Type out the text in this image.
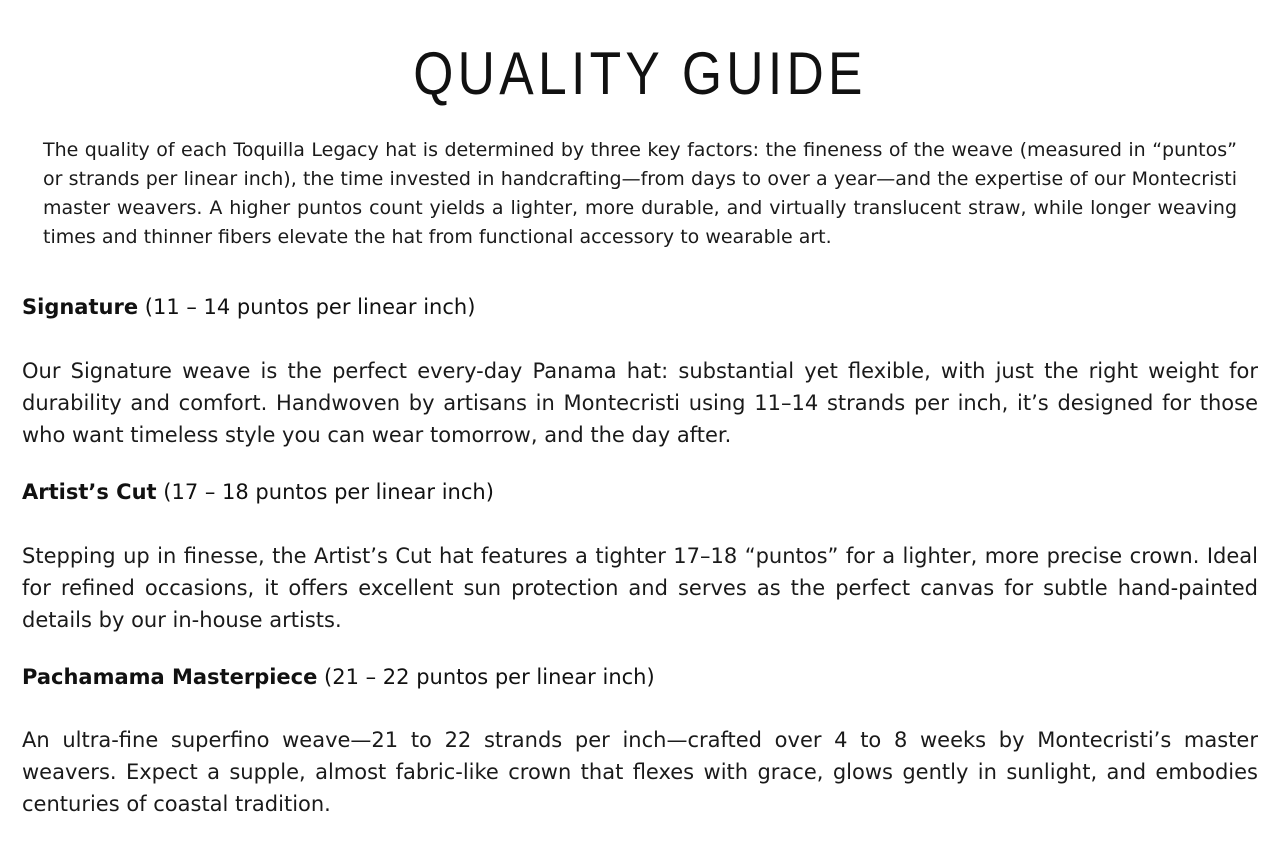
QUALITY GUIDE

The quality of each Toquilla Legacy hat is determined by three key factors: the fineness of the weave (measured in “puntos” or strands per linear inch), the time invested in handcrafting—from days to over a year—and the expertise of our Montecristi master weavers. A higher puntos count yields a lighter, more durable, and virtually translucent straw, while longer weaving times and thinner fibers elevate the hat from functional accessory to wearable art.

Signature (11 – 14 puntos per linear inch)

Our Signature weave is the perfect every-day Panama hat: substantial yet flexible, with just the right weight for durability and comfort. Handwoven by artisans in Montecristi using 11–14 strands per inch, it’s designed for those who want timeless style you can wear tomorrow, and the day after.

Artist’s Cut (17 – 18 puntos per linear inch)

Stepping up in finesse, the Artist’s Cut hat features a tighter 17–18 “puntos” for a lighter, more precise crown. Ideal for refined occasions, it offers excellent sun protection and serves as the perfect canvas for subtle hand-painted details by our in-house artists.

Pachamama Masterpiece (21 – 22 puntos per linear inch)

An ultra-fine superfino weave—21 to 22 strands per inch—crafted over 4 to 8 weeks by Montecristi’s master weavers. Expect a supple, almost fabric-like crown that flexes with grace, glows gently in sunlight, and embodies centuries of coastal tradition.
